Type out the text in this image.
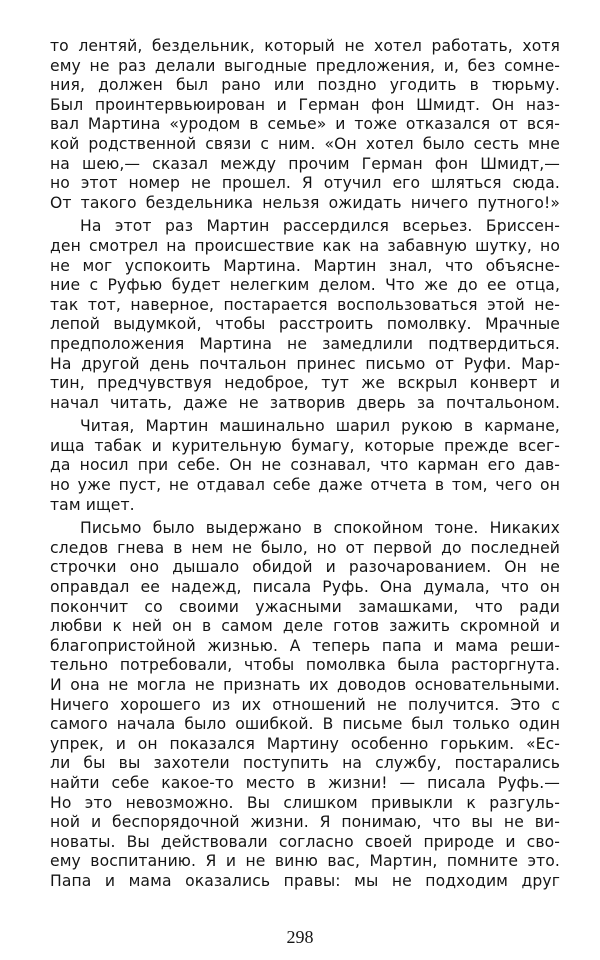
то лентяй, бездельник, который не хотел работать, хотя
ему не раз делали выгодные предложения, и, без сомне-
ния, должен был рано или поздно угодить в тюрьму.
Был проинтервьюирован и Герман фон Шмидт. Он наз-
вал Мартина «уродом в семье» и тоже отказался от вся-
кой родственной связи с ним. «Он хотел было сесть мне
на шею,— сказал между прочим Герман фон Шмидт,—
но этот номер не прошел. Я отучил его шляться сюда.
От такого бездельника нельзя ожидать ничего путного!»
На этот раз Мартин рассердился всерьез. Бриссен-
ден смотрел на происшествие как на забавную шутку, но
не мог успокоить Мартина. Мартин знал, что объясне-
ние с Руфью будет нелегким делом. Что же до ее отца,
так тот, наверное, постарается воспользоваться этой не-
лепой выдумкой, чтобы расстроить помолвку. Мрачные
предположения Мартина не замедлили подтвердиться.
На другой день почтальон принес письмо от Руфи. Мар-
тин, предчувствуя недоброе, тут же вскрыл конверт и
начал читать, даже не затворив дверь за почтальоном.
Читая, Мартин машинально шарил рукою в кармане,
ища табак и курительную бумагу, которые прежде всег-
да носил при себе. Он не сознавал, что карман его дав-
но уже пуст, не отдавал себе даже отчета в том, чего он
там ищет.
Письмо было выдержано в спокойном тоне. Никаких
следов гнева в нем не было, но от первой до последней
строчки оно дышало обидой и разочарованием. Он не
оправдал ее надежд, писала Руфь. Она думала, что он
покончит со своими ужасными замашками, что ради
любви к ней он в самом деле готов зажить скромной и
благопристойной жизнью. А теперь папа и мама реши-
тельно потребовали, чтобы помолвка была расторгнута.
И она не могла не признать их доводов основательными.
Ничего хорошего из их отношений не получится. Это с
самого начала было ошибкой. В письме был только один
упрек, и он показался Мартину особенно горьким. «Ес-
ли бы вы захотели поступить на службу, постарались
найти себе какое-то место в жизни! — писала Руфь.—
Но это невозможно. Вы слишком привыкли к разгуль-
ной и беспорядочной жизни. Я понимаю, что вы не ви-
новаты. Вы действовали согласно своей природе и сво-
ему воспитанию. Я и не виню вас, Мартин, помните это.
Папа и мама оказались правы: мы не подходим друг
298
